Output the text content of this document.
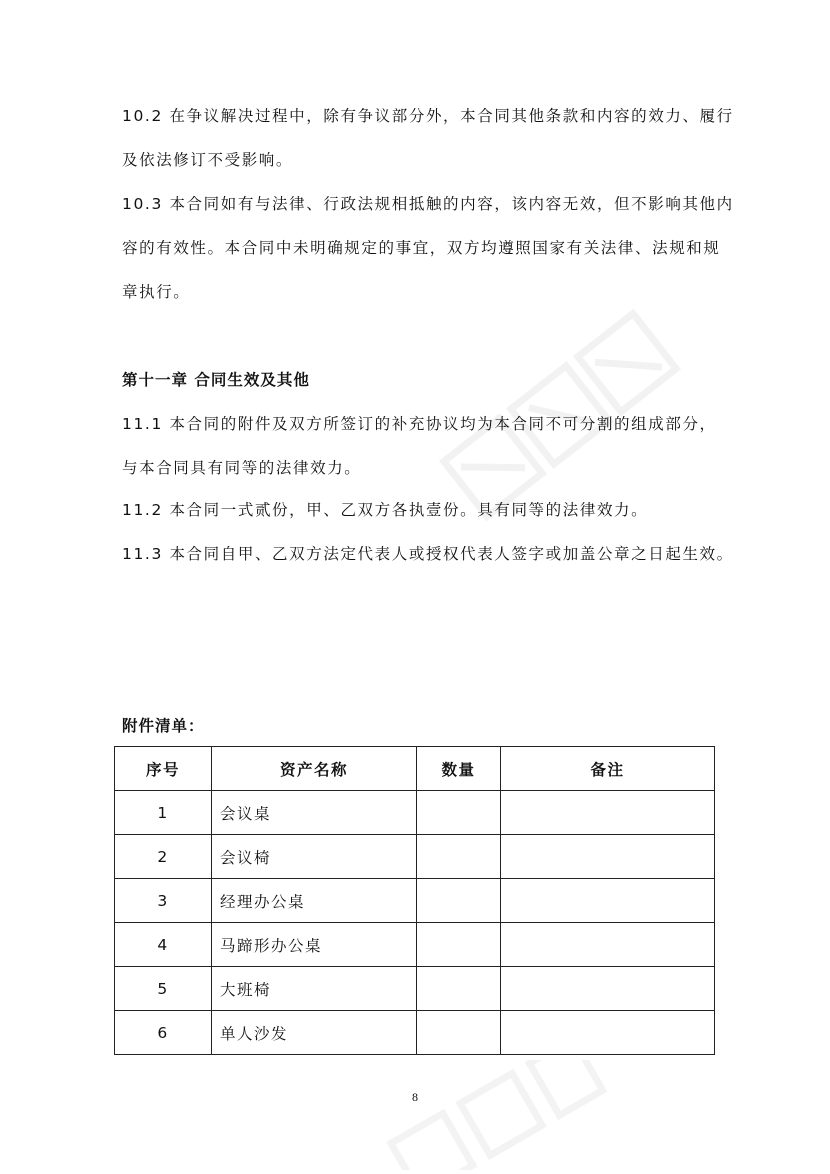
10.2 在争议解决过程中，除有争议部分外，本合同其他条款和内容的效力、履行
及依法修订不受影响。
10.3 本合同如有与法律、行政法规相抵触的内容，该内容无效，但不影响其他内
容的有效性。本合同中未明确规定的事宜，双方均遵照国家有关法律、法规和规
章执行。
第十一章 合同生效及其他
11.1 本合同的附件及双方所签订的补充协议均为本合同不可分割的组成部分，
与本合同具有同等的法律效力。
11.2 本合同一式贰份，甲、乙双方各执壹份。具有同等的法律效力。
11.3 本合同自甲、乙双方法定代表人或授权代表人签字或加盖公章之日起生效。
附件清单：
序号	资产名称	数量	备注
1	会议桌		
2	会议椅		
3	经理办公桌		
4	马蹄形办公桌		
5	大班椅		
6	单人沙发		
8
